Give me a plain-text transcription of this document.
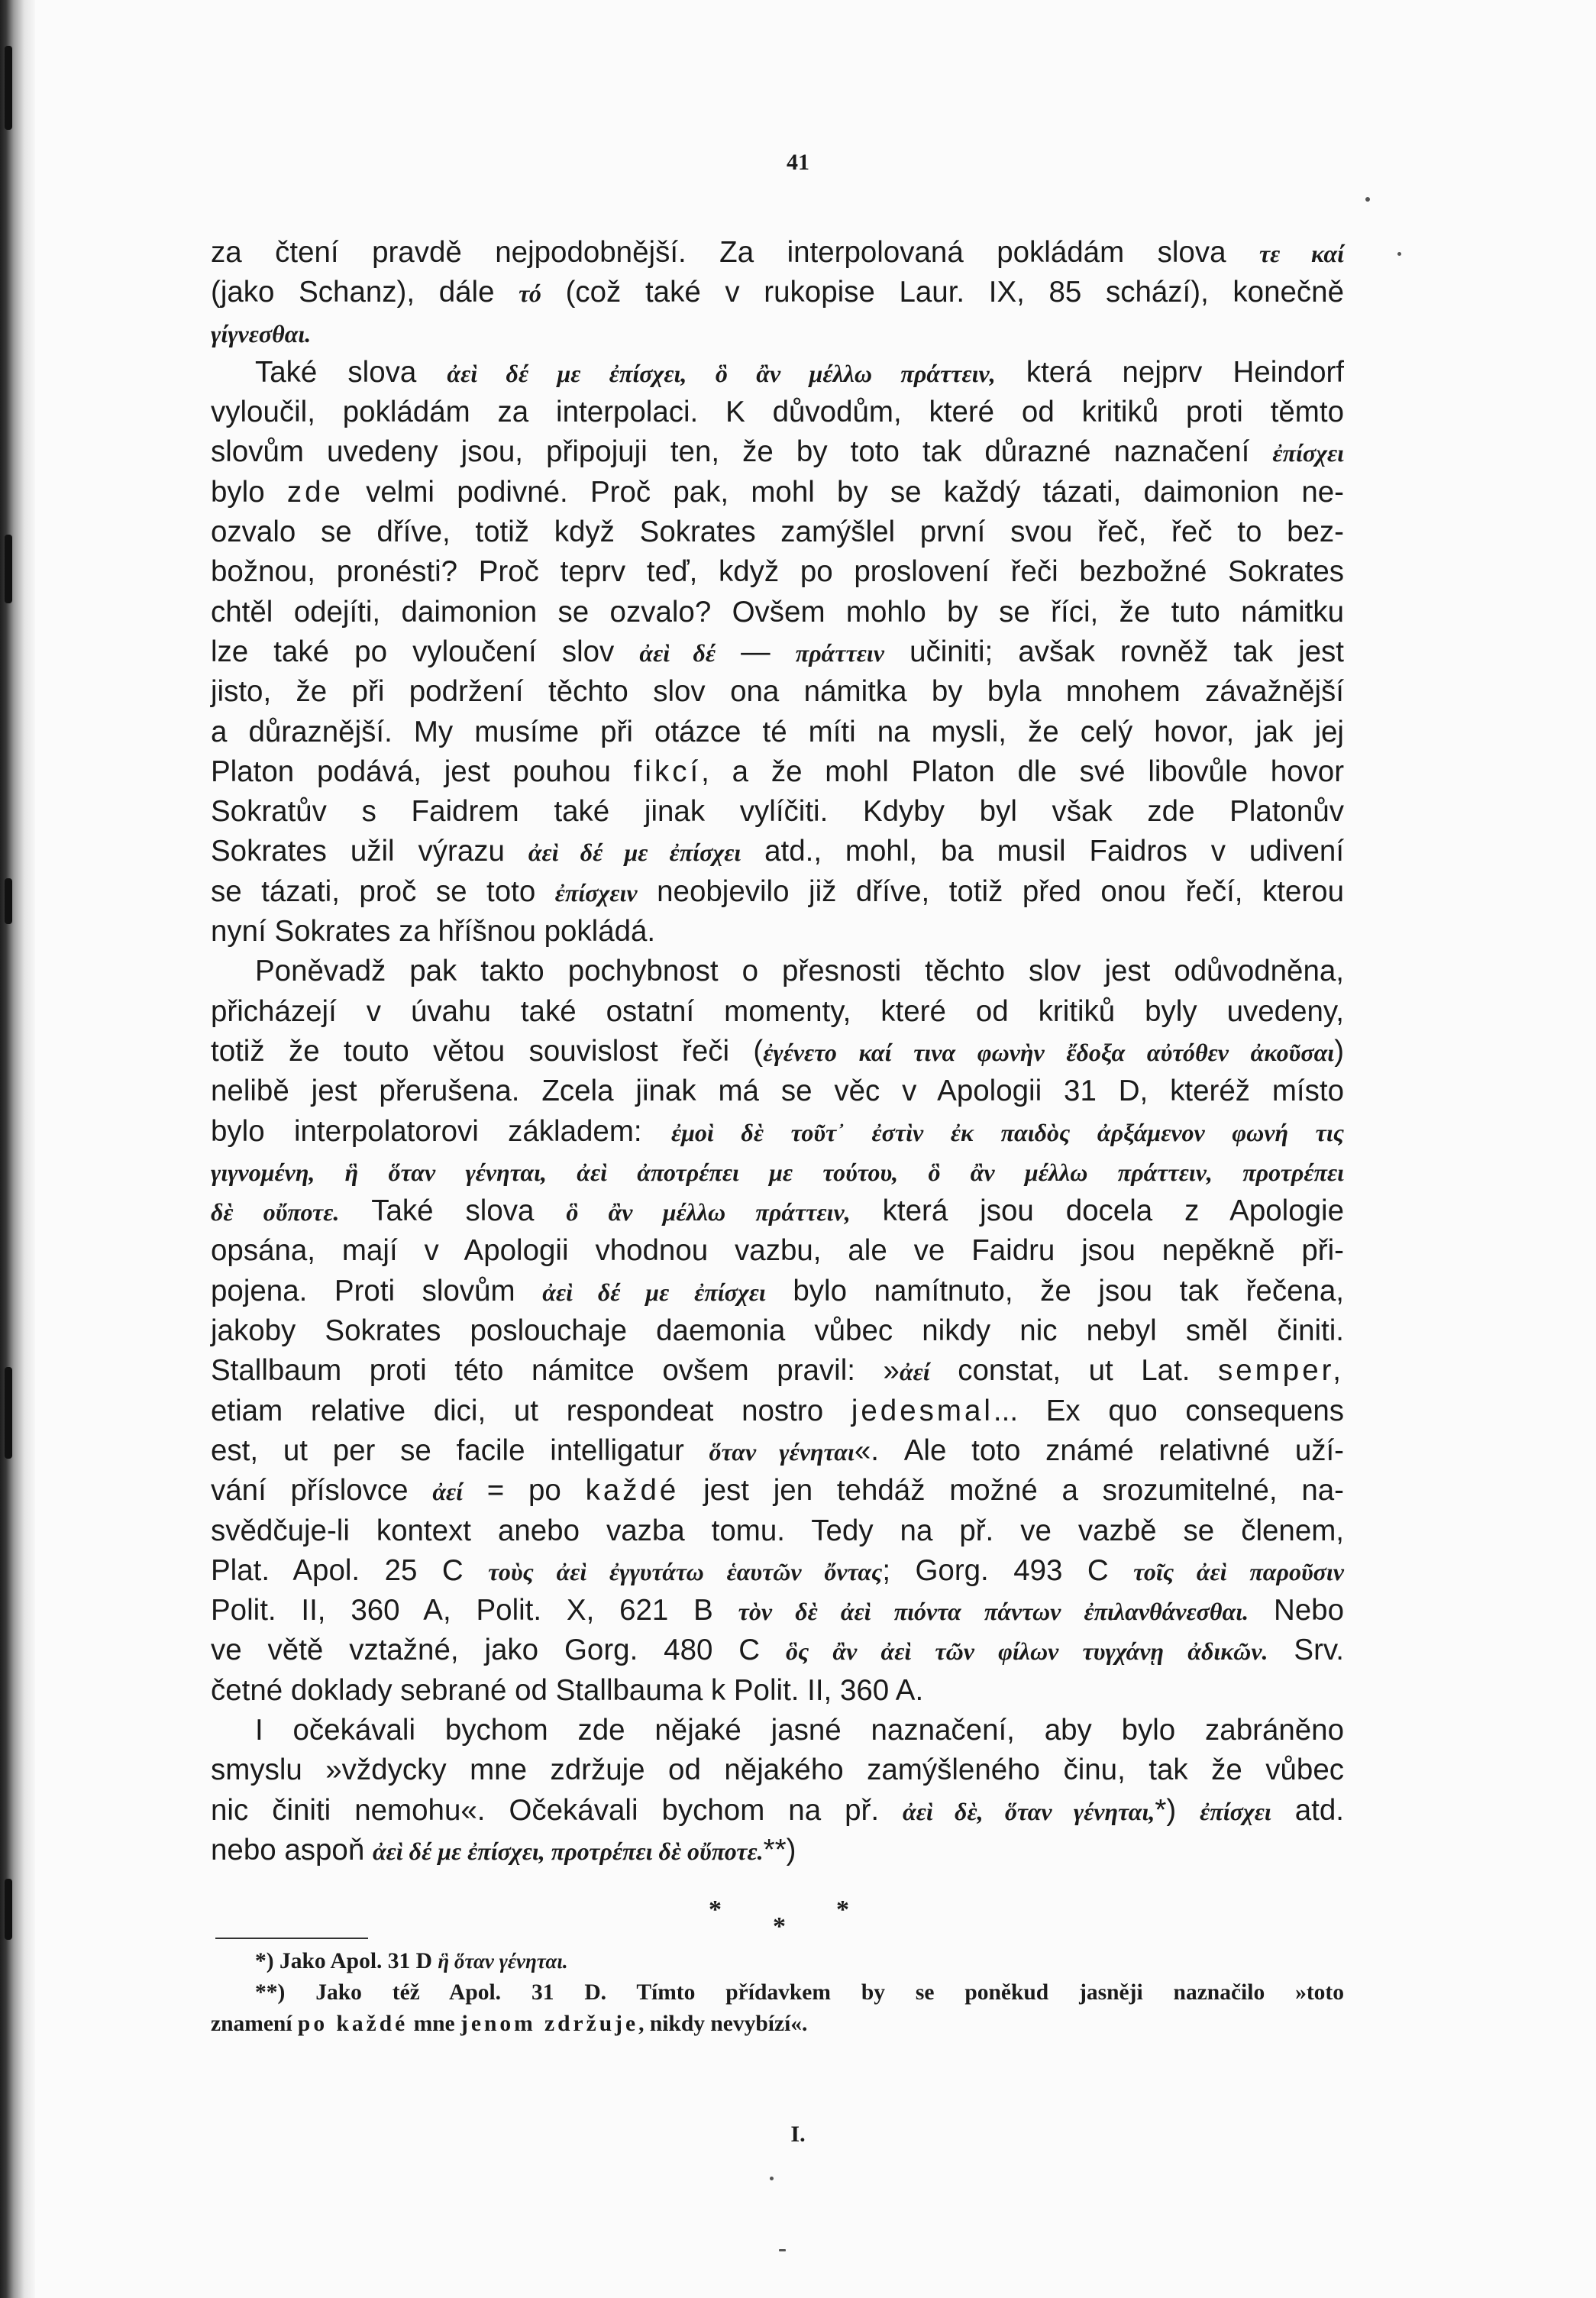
41
za čtení pravdě nejpodobnější. Za interpolovaná pokládám slova τε καί
(jako Schanz), dále τό (což také v rukopise Laur. IX, 85 schází), konečně
γίγνεσθαι.
Také slova ἀεὶ δέ με ἐπίσχει, ὃ ἂν μέλλω πράττειν, která nejprv Heindorf
vyloučil, pokládám za interpolaci. K důvodům, které od kritiků proti těmto
slovům uvedeny jsou, připojuji ten, že by toto tak důrazné naznačení ἐπίσχει
bylo zde velmi podivné. Proč pak, mohl by se každý tázati, daimonion ne-
ozvalo se dříve, totiž když Sokrates zamýšlel první svou řeč, řeč to bez-
božnou, pronésti? Proč teprv teď, když po proslovení řeči bezbožné Sokrates
chtěl odejíti, daimonion se ozvalo? Ovšem mohlo by se říci, že tuto námitku
lze také po vyloučení slov ἀεὶ δέ — πράττειν učiniti; avšak rovněž tak jest
jisto, že při podržení těchto slov ona námitka by byla mnohem závažnější
a důraznější. My musíme při otázce té míti na mysli, že celý hovor, jak jej
Platon podává, jest pouhou fikcí, a že mohl Platon dle své libovůle hovor
Sokratův s Faidrem také jinak vylíčiti. Kdyby byl však zde Platonův
Sokrates užil výrazu ἀεὶ δέ με ἐπίσχει atd., mohl, ba musil Faidros v udivení
se tázati, proč se toto ἐπίσχειν neobjevilo již dříve, totiž před onou řečí, kterou
nyní Sokrates za hříšnou pokládá.
Poněvadž pak takto pochybnost o přesnosti těchto slov jest odůvodněna,
přicházejí v úvahu také ostatní momenty, které od kritiků byly uvedeny,
totiž že touto větou souvislost řeči (ἐγένετο καί τινα φωνὴν ἔδοξα αὐτόθεν ἀκοῦσαι)
nelibě jest přerušena. Zcela jinak má se věc v Apologii 31 D, kteréž místo
bylo interpolatorovi základem: ἐμοὶ δὲ τοῦτ᾽ ἐστὶν ἐκ παιδὸς ἀρξάμενον φωνή τις
γιγνομένη, ἣ ὅταν γένηται, ἀεὶ ἀποτρέπει με τούτου, ὃ ἂν μέλλω πράττειν, προτρέπει
δὲ οὔποτε. Také slova ὃ ἂν μέλλω πράττειν, která jsou docela z Apologie
opsána, mají v Apologii vhodnou vazbu, ale ve Faidru jsou nepěkně při-
pojena. Proti slovům ἀεὶ δέ με ἐπίσχει bylo namítnuto, že jsou tak řečena,
jakoby Sokrates poslouchaje daemonia vůbec nikdy nic nebyl směl činiti.
Stallbaum proti této námitce ovšem pravil: »ἀεί constat, ut Lat. semper,
etiam relative dici, ut respondeat nostro jedesmal... Ex quo consequens
est, ut per se facile intelligatur ὅταν γένηται«. Ale toto známé relativné uží-
vání příslovce ἀεί = po každé jest jen tehdáž možné a srozumitelné, na-
svědčuje-li kontext anebo vazba tomu. Tedy na př. ve vazbě se členem,
Plat. Apol. 25 C τοὺς ἀεὶ ἐγγυτάτω ἑαυτῶν ὄντας; Gorg. 493 C τοῖς ἀεὶ παροῦσιν
Polit. II, 360 A, Polit. X, 621 B τὸν δὲ ἀεὶ πιόντα πάντων ἐπιλανθάνεσθαι. Nebo
ve větě vztažné, jako Gorg. 480 C ὃς ἂν ἀεὶ τῶν φίλων τυγχάνῃ ἀδικῶν. Srv.
četné doklady sebrané od Stallbauma k Polit. II, 360 A.
I očekávali bychom zde nějaké jasné naznačení, aby bylo zabráněno
smyslu »vždycky mne zdržuje od nějakého zamýšleného činu, tak že vůbec
nic činiti nemohu«. Očekávali bychom na př. ἀεὶ δὲ, ὅταν γένηται,*) ἐπίσχει atd.
nebo aspoň ἀεὶ δέ με ἐπίσχει, προτρέπει δὲ οὔποτε.**)
*
*
*
*) Jako Apol. 31 D ἣ ὅταν γένηται.
**) Jako též Apol. 31 D. Tímto přídavkem by se poněkud jasněji naznačilo »toto
znamení po každé mne jenom zdržuje, nikdy nevybízí«.
I.
